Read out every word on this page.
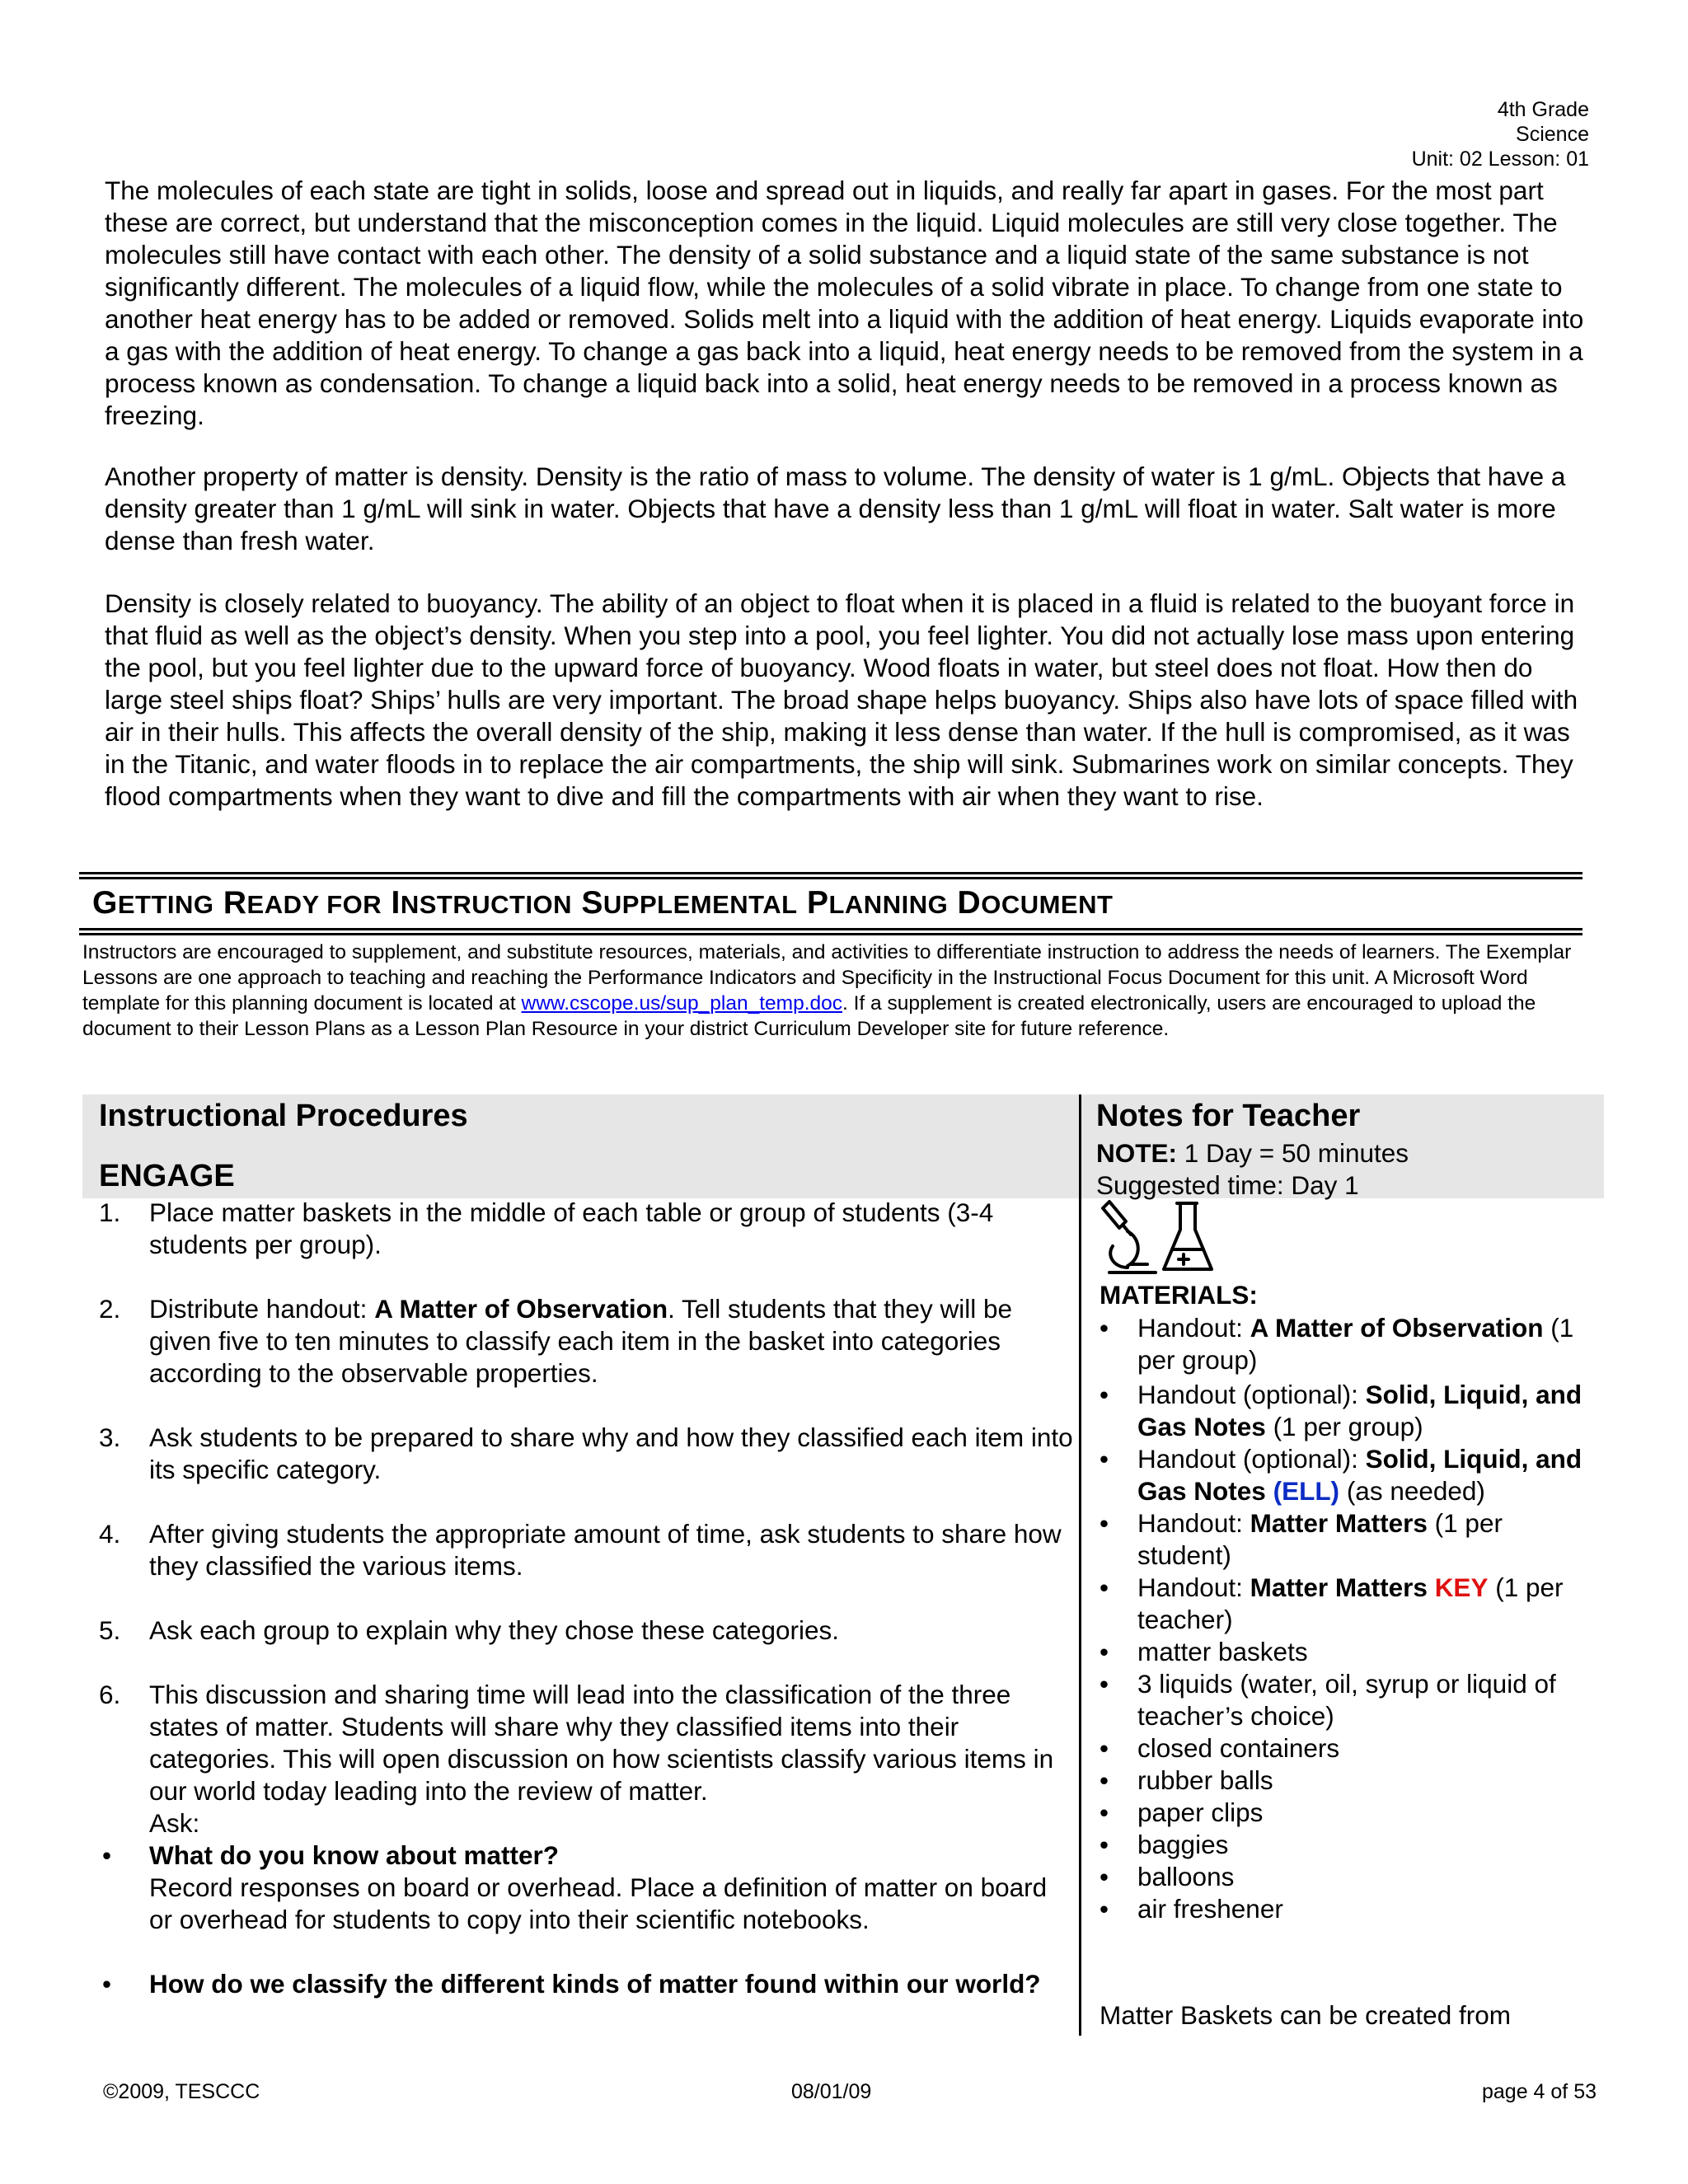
4th Grade
Science
Unit: 02 Lesson: 01

The molecules of each state are tight in solids, loose and spread out in liquids, and really far apart in gases. For the most part these are correct, but understand that the misconception comes in the liquid. Liquid molecules are still very close together. The molecules still have contact with each other. The density of a solid substance and a liquid state of the same substance is not significantly different. The molecules of a liquid flow, while the molecules of a solid vibrate in place. To change from one state to another heat energy has to be added or removed. Solids melt into a liquid with the addition of heat energy. Liquids evaporate into a gas with the addition of heat energy. To change a gas back into a liquid, heat energy needs to be removed from the system in a process known as condensation. To change a liquid back into a solid, heat energy needs to be removed in a process known as freezing.

Another property of matter is density. Density is the ratio of mass to volume. The density of water is 1 g/mL. Objects that have a density greater than 1 g/mL will sink in water. Objects that have a density less than 1 g/mL will float in water. Salt water is more dense than fresh water.

Density is closely related to buoyancy. The ability of an object to float when it is placed in a fluid is related to the buoyant force in that fluid as well as the object’s density. When you step into a pool, you feel lighter. You did not actually lose mass upon entering the pool, but you feel lighter due to the upward force of buoyancy. Wood floats in water, but steel does not float. How then do large steel ships float? Ships’ hulls are very important. The broad shape helps buoyancy. Ships also have lots of space filled with air in their hulls. This affects the overall density of the ship, making it less dense than water. If the hull is compromised, as it was in the Titanic, and water floods in to replace the air compartments, the ship will sink. Submarines work on similar concepts. They flood compartments when they want to dive and fill the compartments with air when they want to rise.

GETTING READY FOR INSTRUCTION SUPPLEMENTAL PLANNING DOCUMENT

Instructors are encouraged to supplement, and substitute resources, materials, and activities to differentiate instruction to address the needs of learners. The Exemplar Lessons are one approach to teaching and reaching the Performance Indicators and Specificity in the Instructional Focus Document for this unit. A Microsoft Word template for this planning document is located at www.cscope.us/sup_plan_temp.doc. If a supplement is created electronically, users are encouraged to upload the document to their Lesson Plans as a Lesson Plan Resource in your district Curriculum Developer site for future reference.

Instructional Procedures
ENGAGE
1. Place matter baskets in the middle of each table or group of students (3-4 students per group).
2. Distribute handout: A Matter of Observation. Tell students that they will be given five to ten minutes to classify each item in the basket into categories according to the observable properties.
3. Ask students to be prepared to share why and how they classified each item into its specific category.
4. After giving students the appropriate amount of time, ask students to share how they classified the various items.
5. Ask each group to explain why they chose these categories.
6. This discussion and sharing time will lead into the classification of the three states of matter. Students will share why they classified items into their categories. This will open discussion on how scientists classify various items in our world today leading into the review of matter.
Ask:
• What do you know about matter?
Record responses on board or overhead. Place a definition of matter on board or overhead for students to copy into their scientific notebooks.
• How do we classify the different kinds of matter found within our world?
Notes for Teacher

NOTE: 1 Day = 50 minutes

Suggested time: Day 1

MATERIALS:

• Handout: A Matter of Observation (1 per group)
• Handout (optional): Solid, Liquid, and Gas Notes (1 per group)
• Handout (optional): Solid, Liquid, and Gas Notes (ELL) (as needed)
• Handout: Matter Matters (1 per student)
• Handout: Matter Matters KEY (1 per teacher)
• matter baskets
• 3 liquids (water, oil, syrup or liquid of teacher’s choice)
• closed containers
• rubber balls
• paper clips
• baggies
• balloons
• air freshener

Matter Baskets can be created from

©2009, TESCCC	08/01/09	page 4 of 53
